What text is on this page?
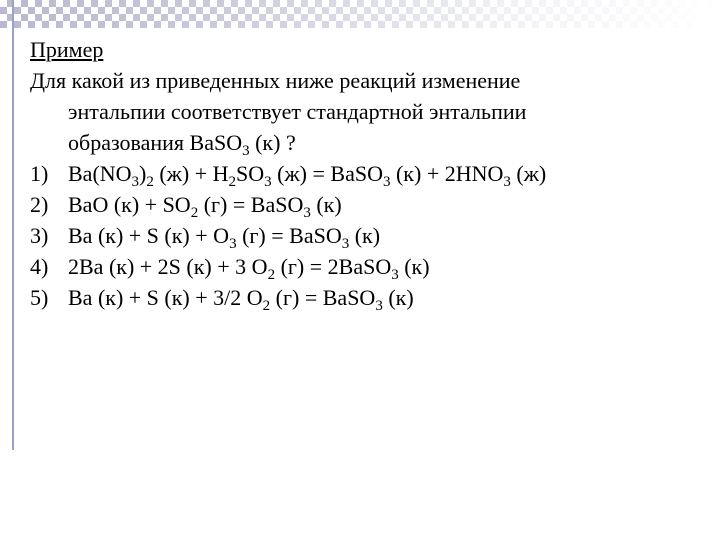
Пример
Для какой из приведенных ниже реакций изменение
энтальпии соответствует стандартной энтальпии
образования BaSO$_3$ (к) ?
1) $Ba(NO_3)_2$ $(ж) + H_2SO_3$ (ж) = BaSO$_3$ $(к) + 2HNO_3$ (ж)
2) BaO $(к) + SO_2$ (г) = BaSO$_3$ (к)
3) Ba (к) + S $(к) + O_3$ (г) = BaSO$_3$ (к)
4) 2Ba (к) + 2S (к) + 3 $O_2$ (г) = 2BaSO$_3$ (к)
5) Ba (к) + S (к) + 3/2 $O_2$ (г) = BaSO$_3$ (к)
